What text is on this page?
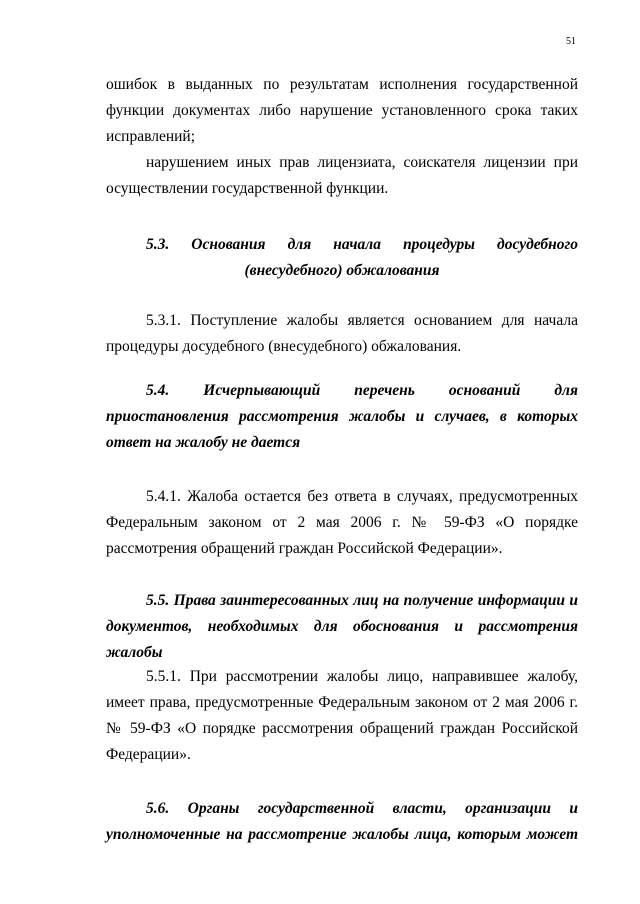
51

ошибок в выданных по результатам исполнения государственной функции документах либо нарушение установленного срока таких исправлений;

нарушением иных прав лицензиата, соискателя лицензии при осуществлении государственной функции.

5.3. Основания для начала процедуры досудебного (внесудебного) обжалования

5.3.1. Поступление жалобы является основанием для начала процедуры досудебного (внесудебного) обжалования.

5.4. Исчерпывающий перечень оснований для приостановления рассмотрения жалобы и случаев, в которых ответ на жалобу не дается

5.4.1. Жалоба остается без ответа в случаях, предусмотренных Федеральным законом от 2 мая 2006 г. № 59-ФЗ «О порядке рассмотрения обращений граждан Российской Федерации».

5.5. Права заинтересованных лиц на получение информации и документов, необходимых для обоснования и рассмотрения жалобы

5.5.1. При рассмотрении жалобы лицо, направившее жалобу, имеет права, предусмотренные Федеральным законом от 2 мая 2006 г. № 59-ФЗ «О порядке рассмотрения обращений граждан Российской Федерации».

5.6. Органы государственной власти, организации и уполномоченные на рассмотрение жалобы лица, которым может
